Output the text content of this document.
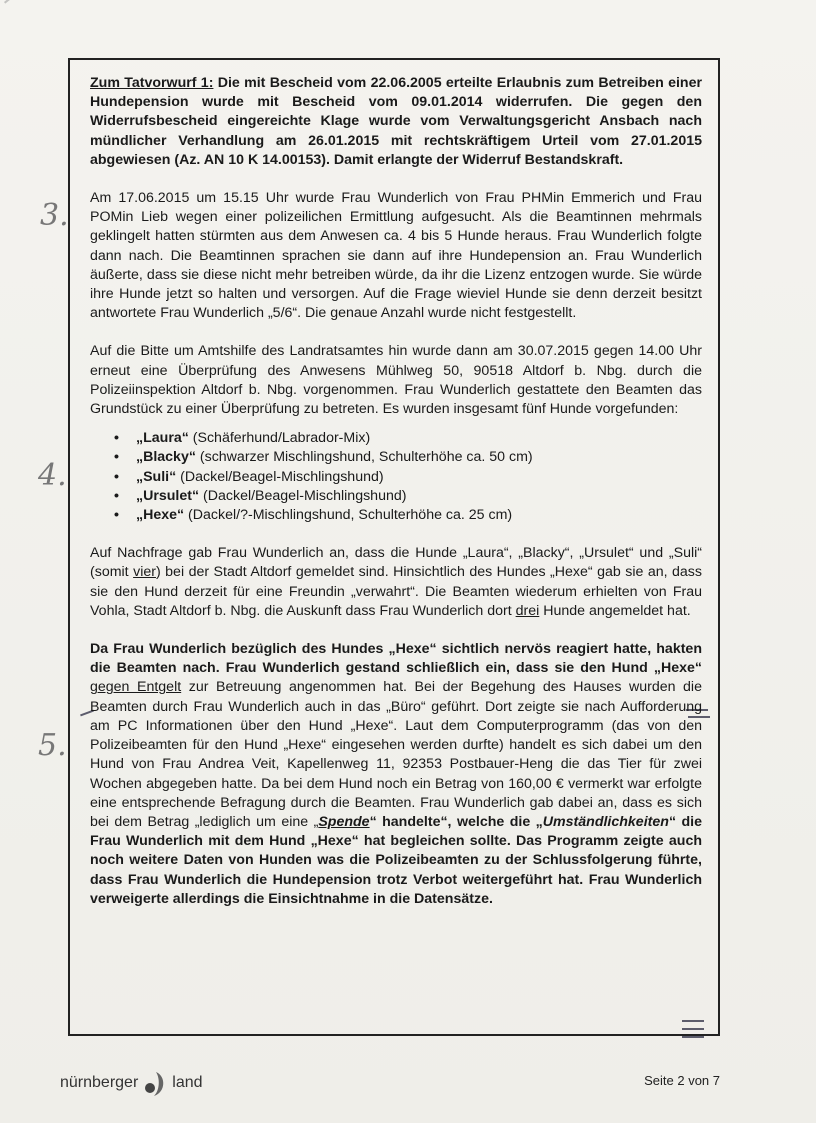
3.
4.
5.

Zum Tatvorwurf 1: Die mit Bescheid vom 22.06.2005 erteilte Erlaubnis zum Betreiben einer Hundepension wurde mit Bescheid vom 09.01.2014 widerrufen. Die gegen den Widerrufsbescheid eingereichte Klage wurde vom Verwaltungsgericht Ansbach nach mündlicher Verhandlung am 26.01.2015 mit rechtskräftigem Urteil vom 27.01.2015 abgewiesen (Az. AN 10 K 14.00153). Damit erlangte der Widerruf Bestandskraft.

Am 17.06.2015 um 15.15 Uhr wurde Frau Wunderlich von Frau PHMin Emmerich und Frau POMin Lieb wegen einer polizeilichen Ermittlung aufgesucht. Als die Beamtinnen mehrmals geklingelt hatten stürmten aus dem Anwesen ca. 4 bis 5 Hunde heraus. Frau Wunderlich folgte dann nach. Die Beamtinnen sprachen sie dann auf ihre Hundepension an. Frau Wunderlich äußerte, dass sie diese nicht mehr betreiben würde, da ihr die Lizenz entzogen wurde. Sie würde ihre Hunde jetzt so halten und versorgen. Auf die Frage wieviel Hunde sie denn derzeit besitzt antwortete Frau Wunderlich „5/6“. Die genaue Anzahl wurde nicht festgestellt.

Auf die Bitte um Amtshilfe des Landratsamtes hin wurde dann am 30.07.2015 gegen 14.00 Uhr erneut eine Überprüfung des Anwesens Mühlweg 50, 90518 Altdorf b. Nbg. durch die Polizeiinspektion Altdorf b. Nbg. vorgenommen. Frau Wunderlich gestattete den Beamten das Grundstück zu einer Überprüfung zu betreten. Es wurden insgesamt fünf Hunde vorgefunden:

• „Laura“ (Schäferhund/Labrador-Mix)
• „Blacky“ (schwarzer Mischlingshund, Schulterhöhe ca. 50 cm)
• „Suli“ (Dackel/Beagel-Mischlingshund)
• „Ursulet“ (Dackel/Beagel-Mischlingshund)
• „Hexe“ (Dackel/?-Mischlingshund, Schulterhöhe ca. 25 cm)

Auf Nachfrage gab Frau Wunderlich an, dass die Hunde „Laura“, „Blacky“, „Ursulet“ und „Suli“ (somit vier) bei der Stadt Altdorf gemeldet sind. Hinsichtlich des Hundes „Hexe“ gab sie an, dass sie den Hund derzeit für eine Freundin „verwahrt“. Die Beamten wiederum erhielten von Frau Vohla, Stadt Altdorf b. Nbg. die Auskunft dass Frau Wunderlich dort drei Hunde angemeldet hat.

Da Frau Wunderlich bezüglich des Hundes „Hexe“ sichtlich nervös reagiert hatte, hakten die Beamten nach. Frau Wunderlich gestand schließlich ein, dass sie den Hund „Hexe“ gegen Entgelt zur Betreuung angenommen hat. Bei der Begehung des Hauses wurden die Beamten durch Frau Wunderlich auch in das „Büro“ geführt. Dort zeigte sie nach Aufforderung am PC Informationen über den Hund „Hexe“. Laut dem Computerprogramm (das von den Polizeibeamten für den Hund „Hexe“ eingesehen werden durfte) handelt es sich dabei um den Hund von Frau Andrea Veit, Kapellenweg 11, 92353 Postbauer-Heng die das Tier für zwei Wochen abgegeben hatte. Da bei dem Hund noch ein Betrag von 160,00 € vermerkt war erfolgte eine entsprechende Befragung durch die Beamten. Frau Wunderlich gab dabei an, dass es sich bei dem Betrag „lediglich um eine „Spende“ handelte“, welche die „Umständlichkeiten“ die Frau Wunderlich mit dem Hund „Hexe“ hat begleichen sollte. Das Programm zeigte auch noch weitere Daten von Hunden was die Polizeibeamten zu der Schlussfolgerung führte, dass Frau Wunderlich die Hundepension trotz Verbot weitergeführt hat. Frau Wunderlich verweigerte allerdings die Einsichtnahme in die Datensätze.

nürnberger land	Seite 2 von 7
